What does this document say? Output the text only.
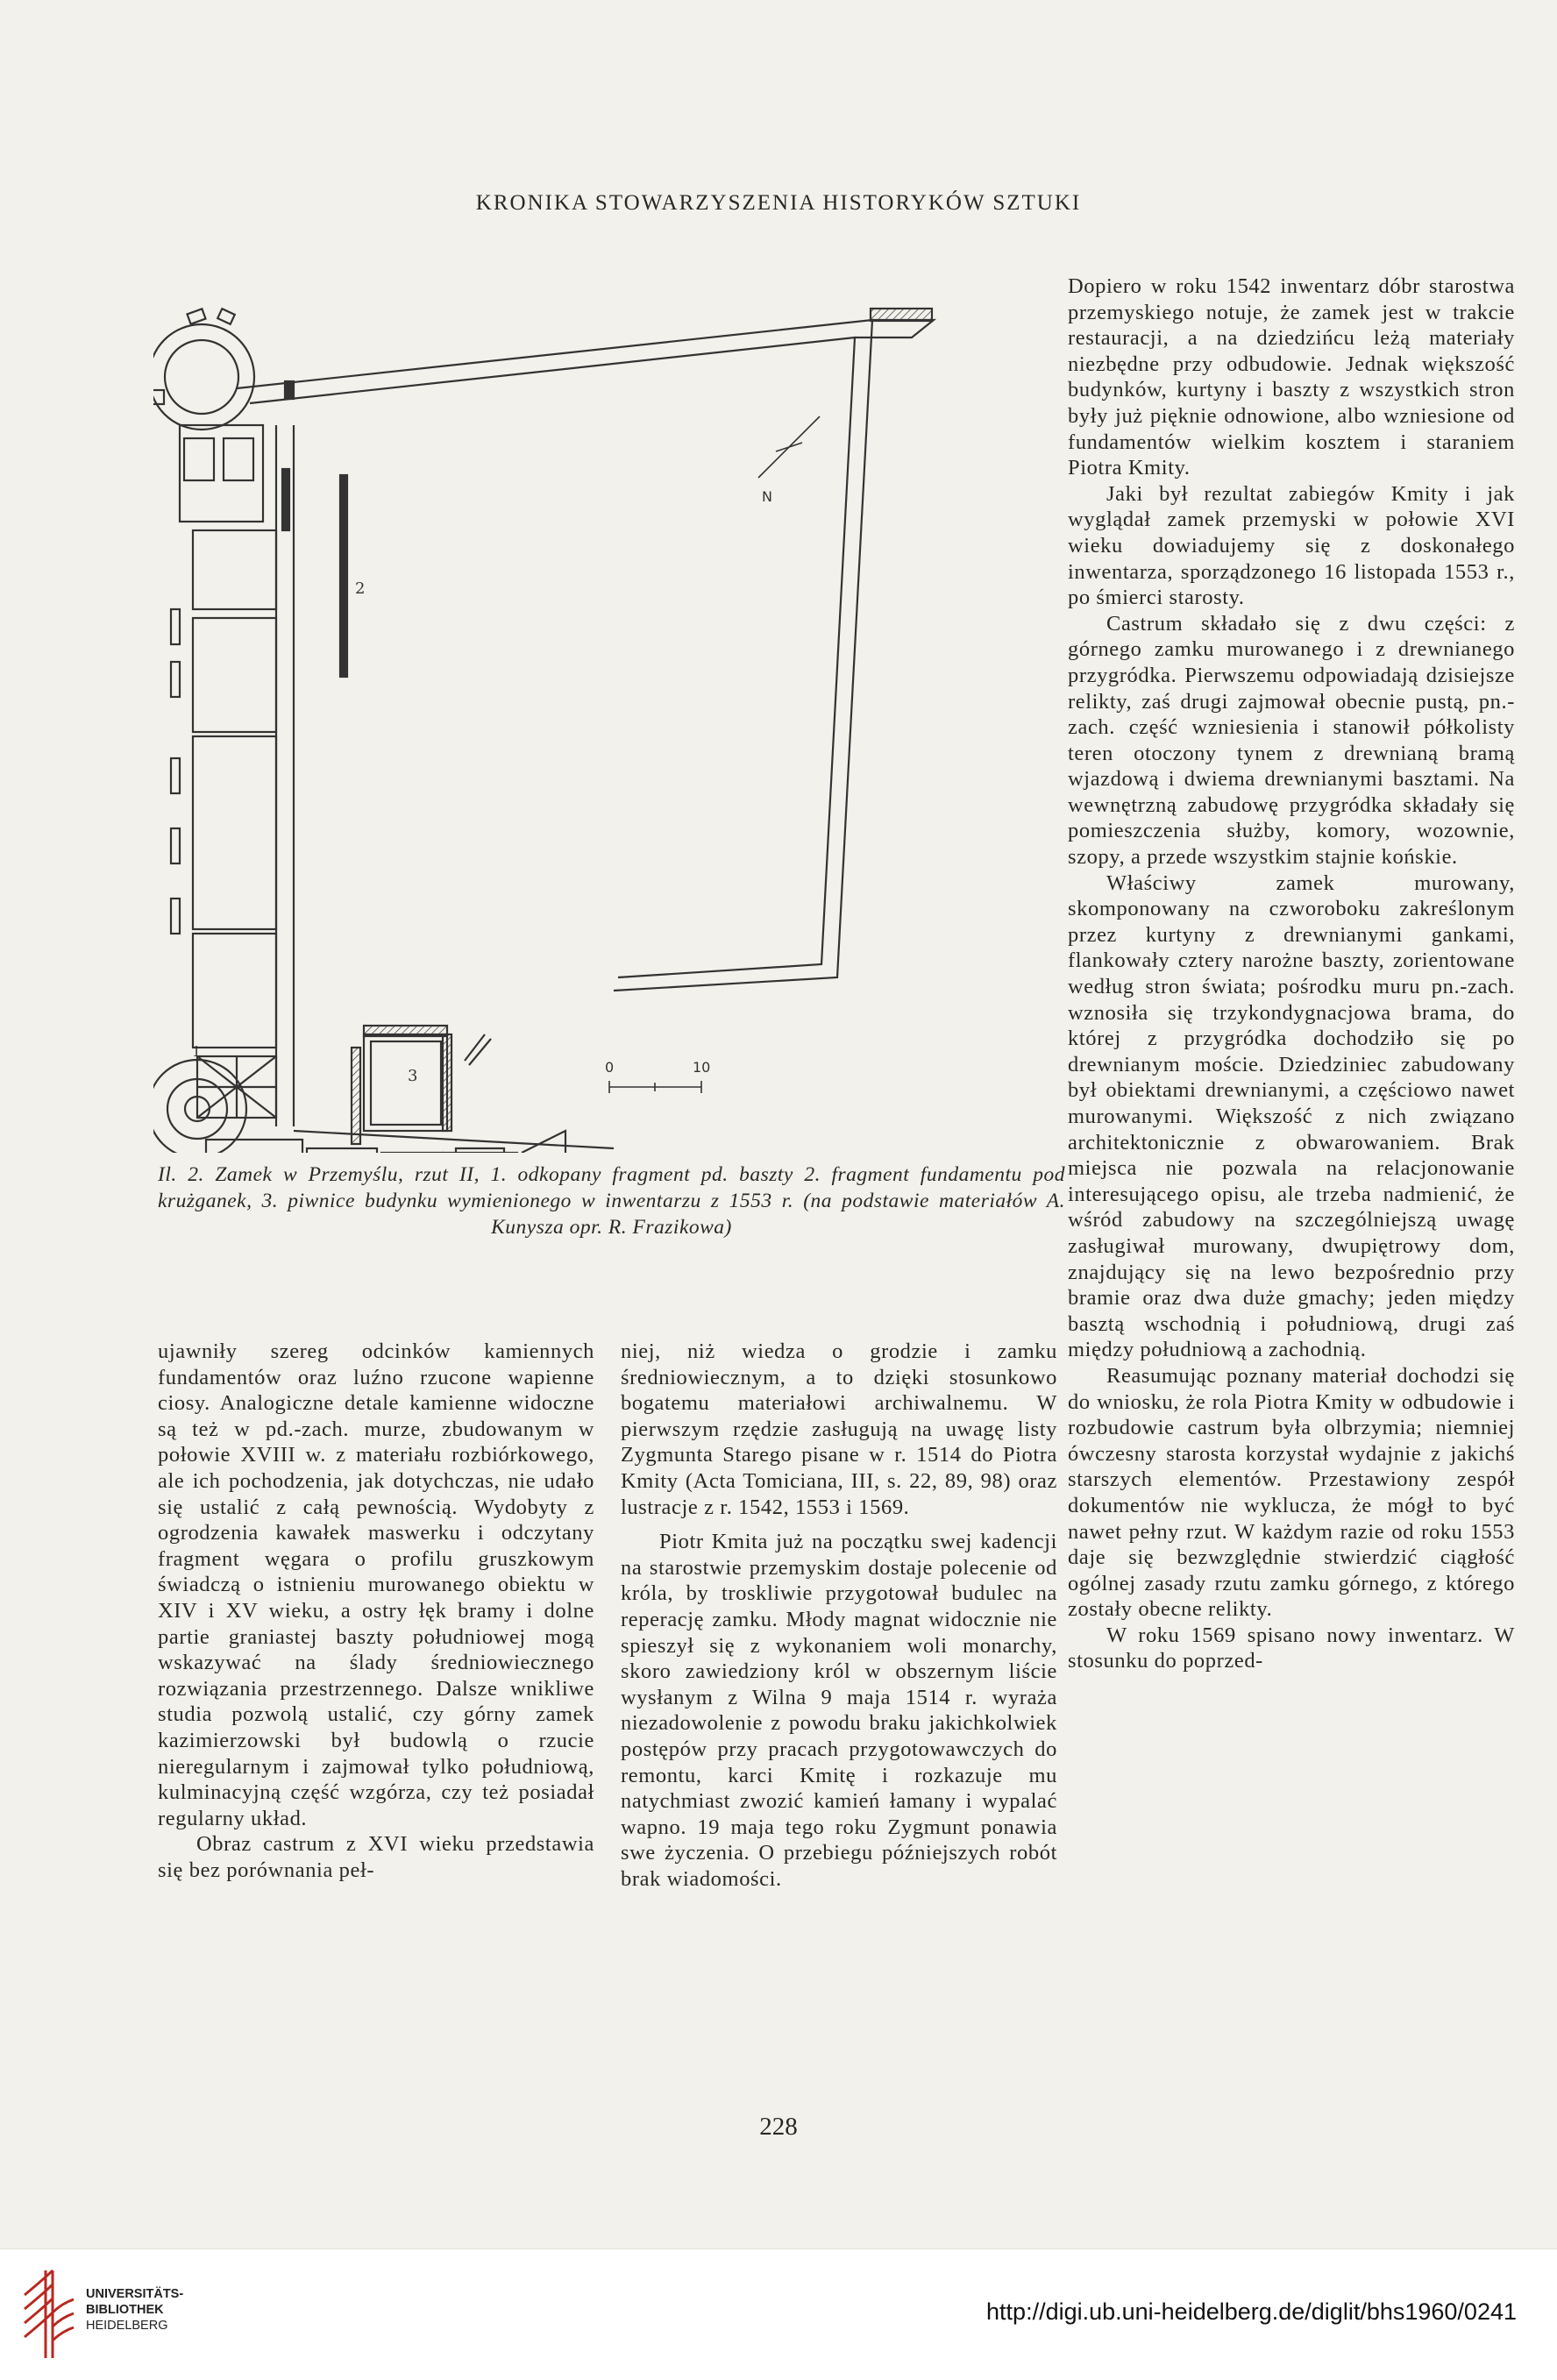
KRONIKA STOWARZYSZENIA HISTORYKÓW SZTUKI
N
0	10
2
3
1
Il. 2. Zamek w Przemyślu, rzut II, 1. odkopany fragment pd. baszty 2. fragment fundamentu pod krużganek, 3. piwnice budynku wymienionego w inwentarzu z 1553 r. (na podstawie materiałów A. Kunysza opr. R. Frazikowa)

ujawniły szereg odcinków kamiennych fundamentów oraz luźno rzucone wapienne ciosy. Analogiczne detale kamienne widoczne są też w pd.-zach. murze, zbudowanym w połowie XVIII w. z materiału rozbiórkowego, ale ich pochodzenia, jak dotychczas, nie udało się ustalić z całą pewnością. Wydobyty z ogrodzenia kawałek maswerku i odczytany fragment węgara o profilu gruszkowym świadczą o istnieniu murowanego obiektu w XIV i XV wieku, a ostry łęk bramy i dolne partie graniastej baszty południowej mogą wskazywać na ślady średniowiecznego rozwiązania przestrzennego. Dalsze wnikliwe studia pozwolą ustalić, czy górny zamek kazimierzowski był budowlą o rzucie nieregularnym i zajmował tylko południową, kulminacyjną część wzgórza, czy też posiadał regularny układ.

Obraz castrum z XVI wieku przedstawia się bez porównania peł-

niej, niż wiedza o grodzie i zamku średniowiecznym, a to dzięki stosunkowo bogatemu materiałowi archiwalnemu. W pierwszym rzędzie zasługują na uwagę listy Zygmunta Starego pisane w r. 1514 do Piotra Kmity (Acta Tomiciana, III, s. 22, 89, 98) oraz lustracje z r. 1542, 1553 i 1569.

Piotr Kmita już na początku swej kadencji na starostwie przemyskim dostaje polecenie od króla, by troskliwie przygotował budulec na reperację zamku. Młody magnat widocznie nie spieszył się z wykonaniem woli monarchy, skoro zawiedziony król w obszernym liście wysłanym z Wilna 9 maja 1514 r. wyraża niezadowolenie z powodu braku jakichkolwiek postępów przy pracach przygotowawczych do remontu, karci Kmitę i rozkazuje mu natychmiast zwozić kamień łamany i wypalać wapno. 19 maja tego roku Zygmunt ponawia swe życzenia. O przebiegu późniejszych robót brak wiadomości.

Dopiero w roku 1542 inwentarz dóbr starostwa przemyskiego notuje, że zamek jest w trakcie restauracji, a na dziedzińcu leżą materiały niezbędne przy odbudowie. Jednak większość budynków, kurtyny i baszty z wszystkich stron były już pięknie odnowione, albo wzniesione od fundamentów wielkim kosztem i staraniem Piotra Kmity.

Jaki był rezultat zabiegów Kmity i jak wyglądał zamek przemyski w połowie XVI wieku dowiadujemy się z doskonałego inwentarza, sporządzonego 16 listopada 1553 r., po śmierci starosty.

Castrum składało się z dwu części: z górnego zamku murowanego i z drewnianego przygródka. Pierwszemu odpowiadają dzisiejsze relikty, zaś drugi zajmował obecnie pustą, pn.-zach. część wzniesienia i stanowił półkolisty teren otoczony tynem z drewnianą bramą wjazdową i dwiema drewnianymi basztami. Na wewnętrzną zabudowę przygródka składały się pomieszczenia służby, komory, wozownie, szopy, a przede wszystkim stajnie końskie.

Właściwy zamek murowany, skomponowany na czworoboku zakreślonym przez kurtyny z drewnianymi gankami, flankowały cztery narożne baszty, zorientowane według stron świata; pośrodku muru pn.-zach. wznosiła się trzykondygnacjowa brama, do której z przygródka dochodziło się po drewnianym moście. Dziedziniec zabudowany był obiektami drewnianymi, a częściowo nawet murowanymi. Większość z nich związano architektonicznie z obwarowaniem. Brak miejsca nie pozwala na relacjonowanie interesującego opisu, ale trzeba nadmienić, że wśród zabudowy na szczególniejszą uwagę zasługiwał murowany, dwupiętrowy dom, znajdujący się na lewo bezpośrednio przy bramie oraz dwa duże gmachy; jeden między basztą wschodnią i południową, drugi zaś między południową a zachodnią.

Reasumując poznany materiał dochodzi się do wniosku, że rola Piotra Kmity w odbudowie i rozbudowie castrum była olbrzymia; niemniej ówczesny starosta korzystał wydajnie z jakichś starszych elementów. Przestawiony zespół dokumentów nie wyklucza, że mógł to być nawet pełny rzut. W każdym razie od roku 1553 daje się bezwzględnie stwierdzić ciągłość ogólnej zasady rzutu zamku górnego, z którego zostały obecne relikty.

W roku 1569 spisano nowy inwentarz. W stosunku do poprzed-

228
UNIVERSITÄTS-
BIBLIOTHEK
HEIDELBERG
http://digi.ub.uni-heidelberg.de/diglit/bhs1960/0241
